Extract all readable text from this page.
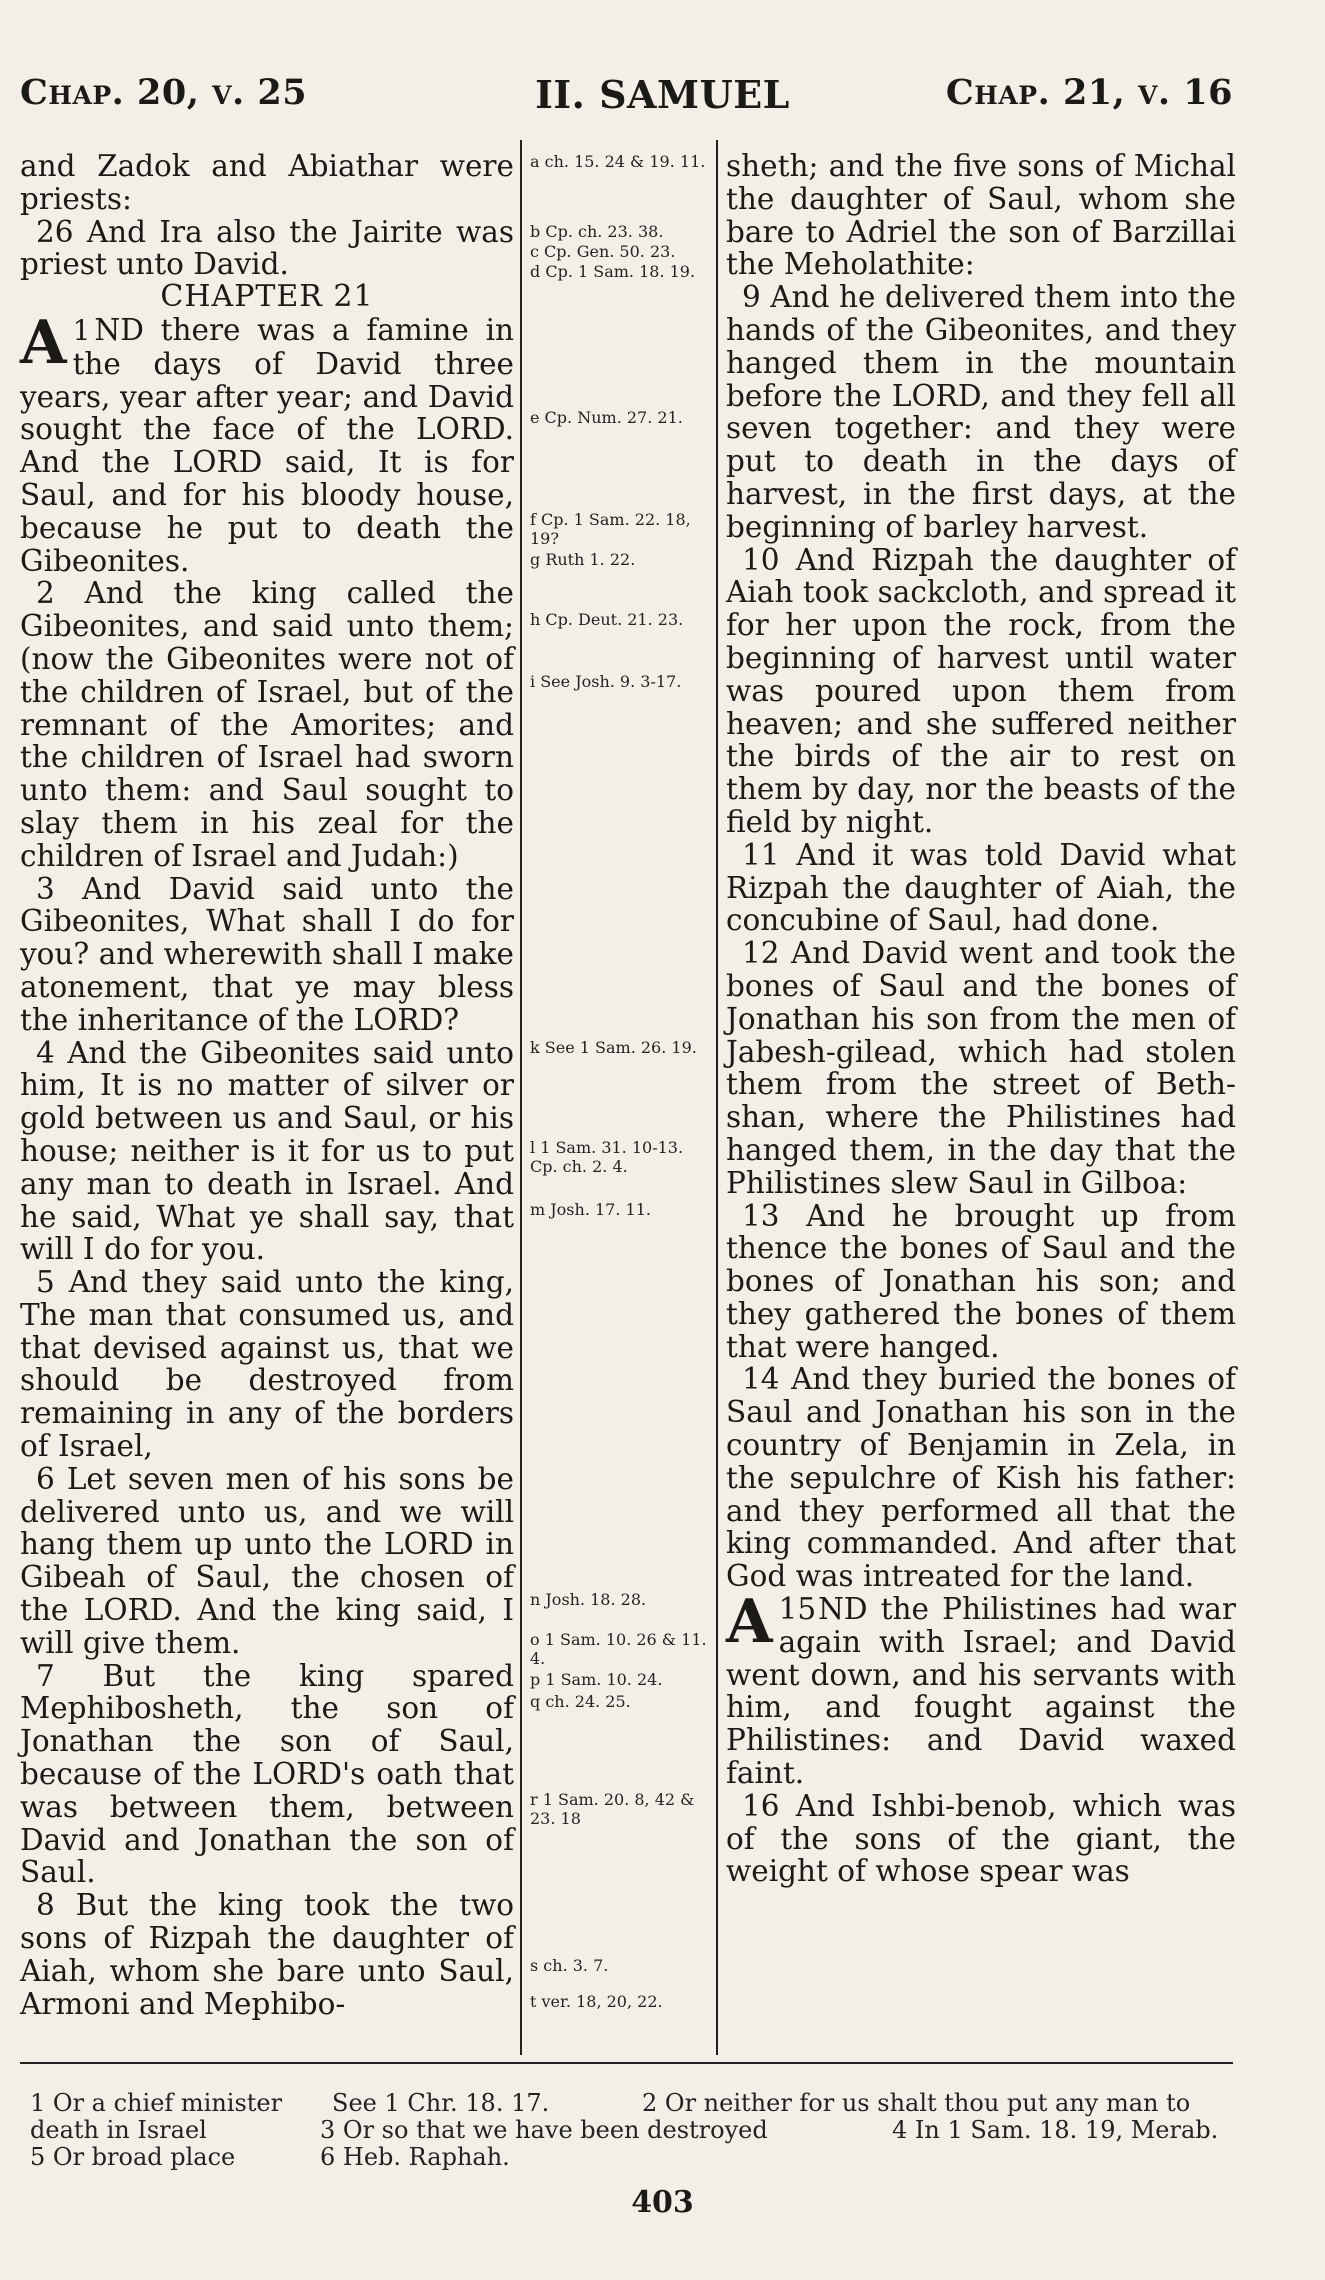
Chap. 20, v. 25	II. SAMUEL	Chap. 21, v. 16

and Zadok and Abiathar were priests:

26 And Ira also the Jairite was priest unto David.

CHAPTER 21

1
A ND there was a famine in the days of David three years, year after year; and David sought the face of the LORD. And the LORD said, It is for Saul, and for his bloody house, because he put to death the Gibeonites.

2 And the king called the Gibeonites, and said unto them; (now the Gibeonites were not of the children of Israel, but of the remnant of the Amorites; and the children of Israel had sworn unto them: and Saul sought to slay them in his zeal for the children of Israel and Judah:)

3 And David said unto the Gibeonites, What shall I do for you? and wherewith shall I make atonement, that ye may bless the inheritance of the LORD?

4 And the Gibeonites said unto him, It is no matter of silver or gold between us and Saul, or his house; neither is it for us to put any man to death in Israel. And he said, What ye shall say, that will I do for you.

5 And they said unto the king, The man that consumed us, and that devised against us, that we should be destroyed from remaining in any of the borders of Israel,

6 Let seven men of his sons be delivered unto us, and we will hang them up unto the LORD in Gibeah of Saul, the chosen of the LORD. And the king said, I will give them.

7 But the king spared Mephibosheth, the son of Jonathan the son of Saul, because of the LORD's oath that was between them, between David and Jonathan the son of Saul.

8 But the king took the two sons of Rizpah the daughter of Aiah, whom she bare unto Saul, Armoni and Mephibo-

a ch. 15. 24 & 19. 11.
b Cp. ch. 23. 38.
c Cp. Gen. 50. 23.
d Cp. 1 Sam. 18. 19.
e Cp. Num. 27. 21.
f Cp. 1 Sam. 22. 18, 19?
g Ruth 1. 22.
h Cp. Deut. 21. 23.
i See Josh. 9. 3-17.
k See 1 Sam. 26. 19.
l 1 Sam. 31. 10-13. Cp. ch. 2. 4.
m Josh. 17. 11.
n Josh. 18. 28.
o 1 Sam. 10. 26 & 11. 4.
p 1 Sam. 10. 24.
q ch. 24. 25.
r 1 Sam. 20. 8, 42 & 23. 18
s ch. 3. 7.
t ver. 18, 20, 22.

sheth; and the five sons of Michal the daughter of Saul, whom she bare to Adriel the son of Barzillai the Meholathite:

9 And he delivered them into the hands of the Gibeonites, and they hanged them in the mountain before the LORD, and they fell all seven together: and they were put to death in the days of harvest, in the first days, at the beginning of barley harvest.

10 And Rizpah the daughter of Aiah took sackcloth, and spread it for her upon the rock, from the beginning of harvest until water was poured upon them from heaven; and she suffered neither the birds of the air to rest on them by day, nor the beasts of the field by night.

11 And it was told David what Rizpah the daughter of Aiah, the concubine of Saul, had done.

12 And David went and took the bones of Saul and the bones of Jonathan his son from the men of Jabesh-gilead, which had stolen them from the street of Beth-shan, where the Philistines had hanged them, in the day that the Philistines slew Saul in Gilboa:

13 And he brought up from thence the bones of Saul and the bones of Jonathan his son; and they gathered the bones of them that were hanged.

14 And they buried the bones of Saul and Jonathan his son in the country of Benjamin in Zela, in the sepulchre of Kish his father: and they performed all that the king commanded. And after that God was intreated for the land.

15
A ND the Philistines had war again with Israel; and David went down, and his servants with him, and fought against the Philistines: and David waxed faint.

16 And Ishbi-benob, which was of the sons of the giant, the weight of whose spear was

1 Or a chief minister See 1 Chr. 18. 17.	2 Or neither for us shalt thou put any man to
death in Israel	3 Or so that we have been destroyed	4 In 1 Sam. 18. 19, Merab.
5 Or broad place	6 Heb. Raphah.
403
